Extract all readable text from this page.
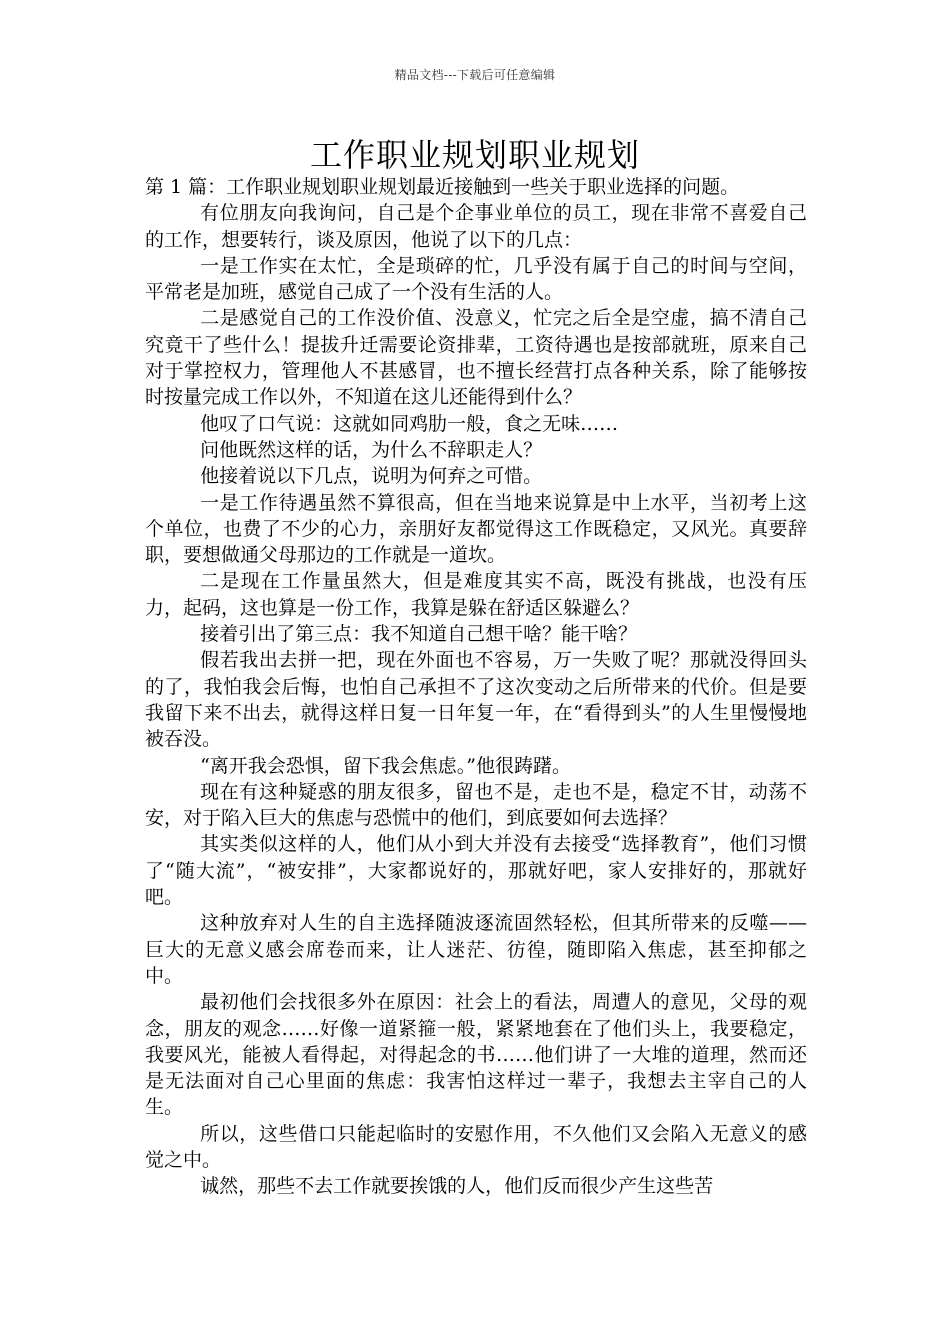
精品文档---下载后可任意编辑
工作职业规划职业规划

第 1 篇：工作职业规划职业规划最近接触到一些关于职业选择的问题。

有位朋友向我询问，自己是个企事业单位的员工，现在非常不喜爱自己的工作，想要转行，谈及原因，他说了以下的几点：

一是工作实在太忙，全是琐碎的忙，几乎没有属于自己的时间与空间，平常老是加班，感觉自己成了一个没有生活的人。

二是感觉自己的工作没价值、没意义，忙完之后全是空虚，搞不清自己究竟干了些什么！提拔升迁需要论资排辈，工资待遇也是按部就班，原来自己对于掌控权力，管理他人不甚感冒，也不擅长经营打点各种关系，除了能够按时按量完成工作以外，不知道在这儿还能得到什么？

他叹了口气说：这就如同鸡肋一般，食之无味……

问他既然这样的话，为什么不辞职走人？

他接着说以下几点，说明为何弃之可惜。

一是工作待遇虽然不算很高，但在当地来说算是中上水平，当初考上这个单位，也费了不少的心力，亲朋好友都觉得这工作既稳定，又风光。真要辞职，要想做通父母那边的工作就是一道坎。

二是现在工作量虽然大，但是难度其实不高，既没有挑战，也没有压力，起码，这也算是一份工作，我算是躲在舒适区躲避么？

接着引出了第三点：我不知道自己想干啥？能干啥？

假若我出去拼一把，现在外面也不容易，万一失败了呢？那就没得回头的了，我怕我会后悔，也怕自己承担不了这次变动之后所带来的代价。但是要我留下来不出去，就得这样日复一日年复一年，在“看得到头”的人生里慢慢地被吞没。

“离开我会恐惧，留下我会焦虑。”他很踌躇。

现在有这种疑惑的朋友很多，留也不是，走也不是，稳定不甘，动荡不安，对于陷入巨大的焦虑与恐慌中的他们，到底要如何去选择？

其实类似这样的人，他们从小到大并没有去接受“选择教育”，他们习惯了“随大流”，“被安排”，大家都说好的，那就好吧，家人安排好的，那就好吧。

这种放弃对人生的自主选择随波逐流固然轻松，但其所带来的反噬——巨大的无意义感会席卷而来，让人迷茫、彷徨，随即陷入焦虑，甚至抑郁之中。

最初他们会找很多外在原因：社会上的看法，周遭人的意见，父母的观念，朋友的观念……好像一道紧箍一般，紧紧地套在了他们头上，我要稳定，我要风光，能被人看得起，对得起念的书……他们讲了一大堆的道理，然而还是无法面对自己心里面的焦虑：我害怕这样过一辈子，我想去主宰自己的人生。

所以，这些借口只能起临时的安慰作用，不久他们又会陷入无意义的感觉之中。

诚然，那些不去工作就要挨饿的人，他们反而很少产生这些苦
